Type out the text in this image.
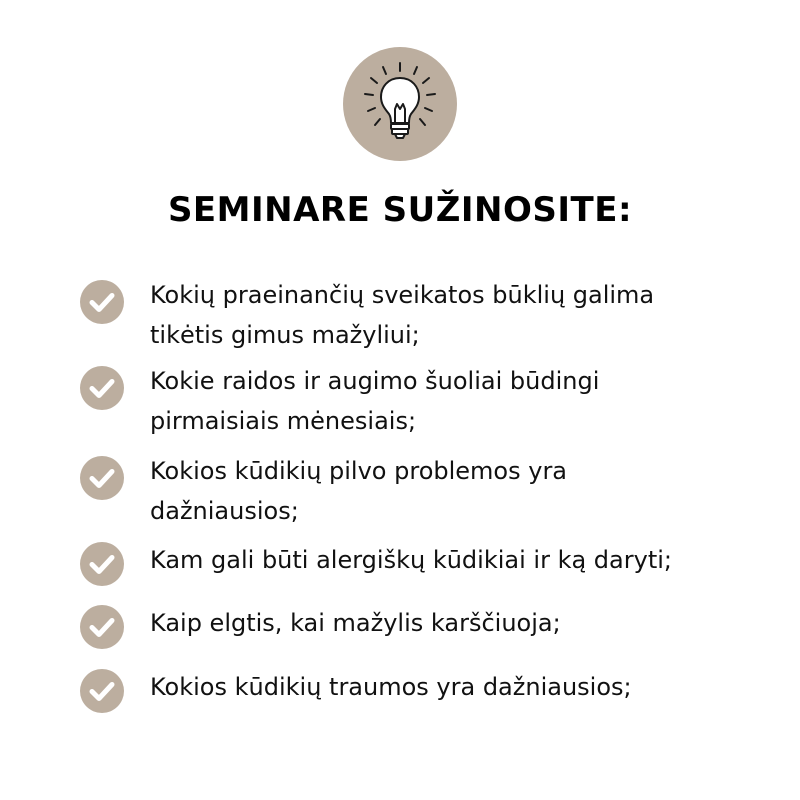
SEMINARE SUŽINOSITE:
Kokių praeinančių sveikatos būklių galima
tikėtis gimus mažyliui;
Kokie raidos ir augimo šuoliai būdingi
pirmaisiais mėnesiais;
Kokios kūdikių pilvo problemos yra
dažniausios;
Kam gali būti alergiškų kūdikiai ir ką daryti;
Kaip elgtis, kai mažylis karščiuoja;
Kokios kūdikių traumos yra dažniausios;
